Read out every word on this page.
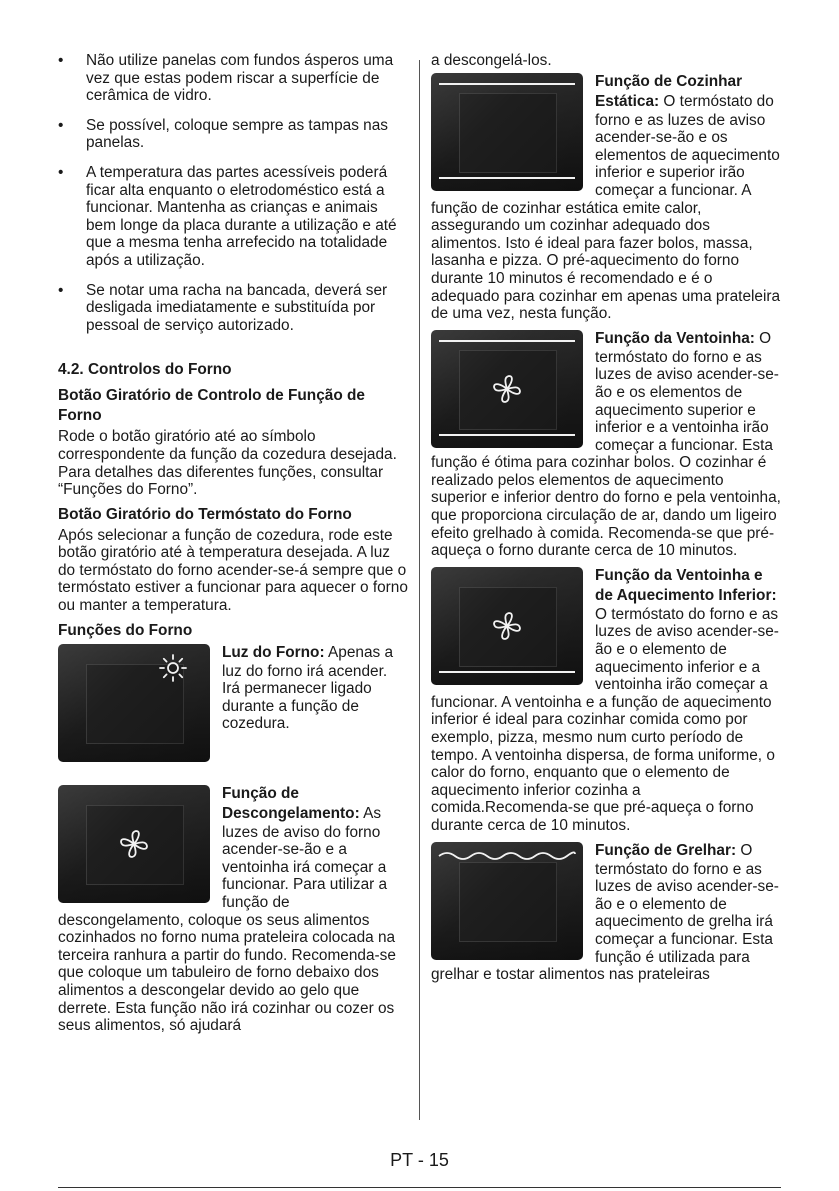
• Não utilize panelas com fundos ásperos uma vez que estas podem riscar a superfície de cerâmica de vidro.
• Se possível, coloque sempre as tampas nas panelas.
• A temperatura das partes acessíveis poderá ficar alta enquanto o eletrodoméstico está a funcionar. Mantenha as crianças e animais bem longe da placa durante a utilização e até que a mesma tenha arrefecido na totalidade após a utilização.
• Se notar uma racha na bancada, deverá ser desligada imediatamente e substituída por pessoal de serviço autorizado.
4.2. Controlos do Forno
Botão Giratório de Controlo de Função de Forno

Rode o botão giratório até ao símbolo correspondente da função da cozedura desejada. Para detalhes das diferentes funções, consultar “Funções do Forno”.

Botão Giratório do Termóstato do Forno

Após selecionar a função de cozedura, rode este botão giratório até à temperatura desejada. A luz do termóstato do forno acender-se-á sempre que o termóstato estiver a funcionar para aquecer o forno ou manter a temperatura.

Funções do Forno

Luz do Forno: Apenas a luz do forno irá acender. Irá permanecer ligado durante a função de cozedura.

Função de Descongelamento: As luzes de aviso do forno acender-se-ão e a ventoinha irá começar a funcionar. Para utilizar a função de descongelamento, coloque os seus alimentos cozinhados no forno numa prateleira colocada na terceira ranhura a partir do fundo. Recomenda-se que coloque um tabuleiro de forno debaixo dos alimentos a descongelar devido ao gelo que derrete. Esta função não irá cozinhar ou cozer os seus alimentos, só ajudará

a descongelá-los.

Função de Cozinhar Estática: O termóstato do forno e as luzes de aviso acender-se-ão e os elementos de aquecimento inferior e superior irão começar a funcionar. A função de cozinhar estática emite calor, assegurando um cozinhar adequado dos alimentos. Isto é ideal para fazer bolos, massa, lasanha e pizza. O pré-aquecimento do forno durante 10 minutos é recomendado e é o adequado para cozinhar em apenas uma prateleira de uma vez, nesta função.

Função da Ventoinha: O termóstato do forno e as luzes de aviso acender-se-ão e os elementos de aquecimento superior e inferior e a ventoinha irão começar a funcionar. Esta função é ótima para cozinhar bolos. O cozinhar é realizado pelos elementos de aquecimento superior e inferior dentro do forno e pela ventoinha, que proporciona circulação de ar, dando um ligeiro efeito grelhado à comida. Recomenda-se que pré-aqueça o forno durante cerca de 10 minutos.

Função da Ventoinha e de Aquecimento Inferior: O termóstato do forno e as luzes de aviso acender-se-ão e o elemento de aquecimento inferior e a ventoinha irão começar a funcionar. A ventoinha e a função de aquecimento inferior é ideal para cozinhar comida como por exemplo, pizza, mesmo num curto período de tempo. A ventoinha dispersa, de forma uniforme, o calor do forno, enquanto que o elemento de aquecimento inferior cozinha a comida.Recomenda-se que pré-aqueça o forno durante cerca de 10 minutos.

Função de Grelhar: O termóstato do forno e as luzes de aviso acender-se-ão e o elemento de aquecimento de grelha irá começar a funcionar. Esta função é utilizada para grelhar e tostar alimentos nas prateleiras

PT - 15
